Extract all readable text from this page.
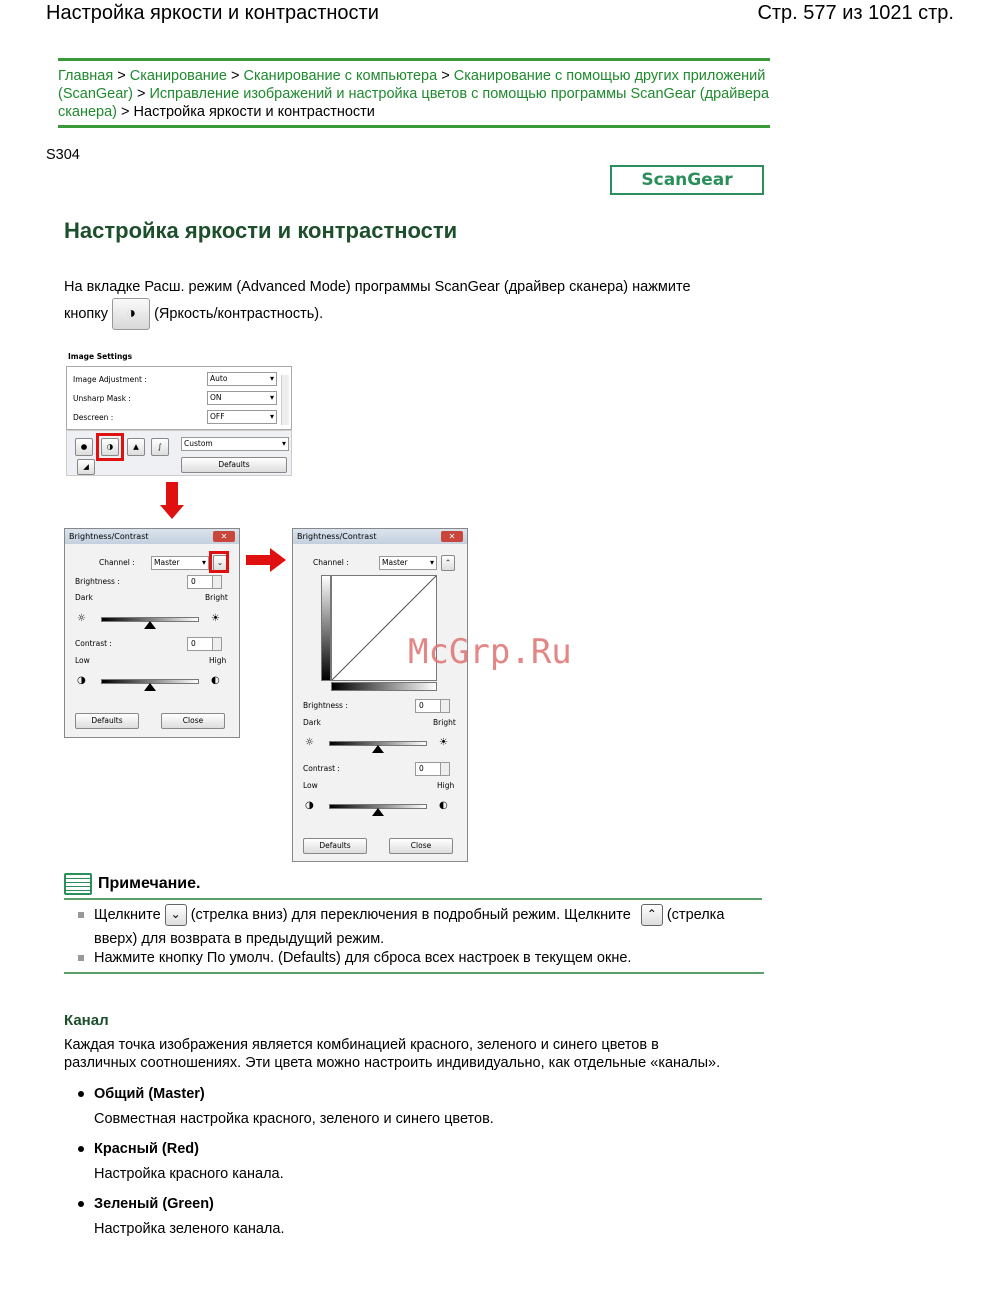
Настройка яркости и контрастности	Стр. 577 из 1021 стр.
Главная > Сканирование > Сканирование с компьютера > Сканирование с помощью других приложений (ScanGear) > Исправление изображений и настройка цветов с помощью программы ScanGear (драйвера сканера) > Настройка яркости и контрастности
S304
ScanGear
Настройка яркости и контрастности
На вкладке Расш. режим (Advanced Mode) программы ScanGear (драйвер сканера) нажмите
кнопку ◑ (Яркость/контрастность).
Image Settings
Image Adjustment :	Auto ▾
Unsharp Mask :	ON ▾
Descreen :	OFF ▾
●	◑	▲	∫
◢
Custom ▾
Defaults
Brightness/Contrast	✕
Channel :	Master ▾	⌄
Brightness :	0
Dark	Bright
☼	☀
Contrast :	0
Low	High
◑	◐
Defaults	Close
Brightness/Contrast	✕
Channel :	Master ▾	⌃
Brightness :	0
Dark	Bright
☼	☀
Contrast :	0
Low	High
◑	◐
Defaults	Close
McGrp.Ru
Примечание.
Щелкните ⌄ (стрелка вниз) для переключения в подробный режим. Щелкните ⌃ (стрелка
вверх) для возврата в предыдущий режим.
Нажмите кнопку По умолч. (Defaults) для сброса всех настроек в текущем окне.
Канал
Каждая точка изображения является комбинацией красного, зеленого и синего цветов в
различных соотношениях. Эти цвета можно настроить индивидуально, как отдельные «каналы».
Общий (Master)
Совместная настройка красного, зеленого и синего цветов.
Красный (Red)
Настройка красного канала.
Зеленый (Green)
Настройка зеленого канала.
